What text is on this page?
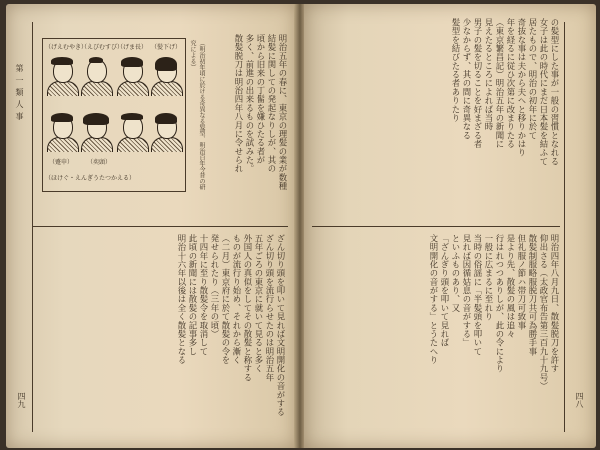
第一類人事
四九
（げえむやき）
（えびむすび）
（げま長） （髪下げ）
（蹙申） （奕頭）
（ほけぐ・えんぎうたつかえる）	（明治初年頃に於ける奇異なる髪型、明治百年今昔の研究による）	明治五年の春に、東京の理髪の業が数種
結髪に関しての発起なりしが、其の
頃から旧来の丁髷を嫌ひたる者が
多く、前進の出来るものを試みた。
散髪脱刀は明治四年八月に令せられ
ざん切り頭を叩いて見れば文明開化の音がする
ざん切り頭を流行らせたのは明治五年
五年ごろの東京に就いて見ると多く
外国人の真似をしてその散髪と称する
ものが流行り始め、それから漸く
（二月）東京府に於て散髪の令を
発せられたり（三年の頃）
十四年に至り散髪令を取消して
此頃の新聞には散髪の記事多し
明治十六年以後は全く散髪となる
四八
の髪型にした事が一般の習慣となれる
女子は此の時代にまだ日本髪を結ふて
居たもので、明治の初年に於て
奇抜な事は夫から夫へと移りかはり
年を経るに従ひ次第に改まりたる
（東京繁昌記）明治五年の新聞に
見えたるところによれば当時
男子の髪を切ることを好まざる者
少なからず、其の間に奇異なる
髪型を結びたる者ありたり
明治四年八月九日、散髪脱刀を許す
仰出さる（太政官布告第三百九十九号）
散髪制服略服脱刀共可為勝手事
但礼服ノ節ハ帯刀可致事
是より先、散髪の風は追々
行はれつつありしが、此の令により
一般に広まるに至れり
当時の俗謡に「半髪頭を叩いて
見れば因循姑息の音がする」
といふものあり、又
「ざんぎり頭を叩いて見れば
文明開化の音がする」とうたへり
